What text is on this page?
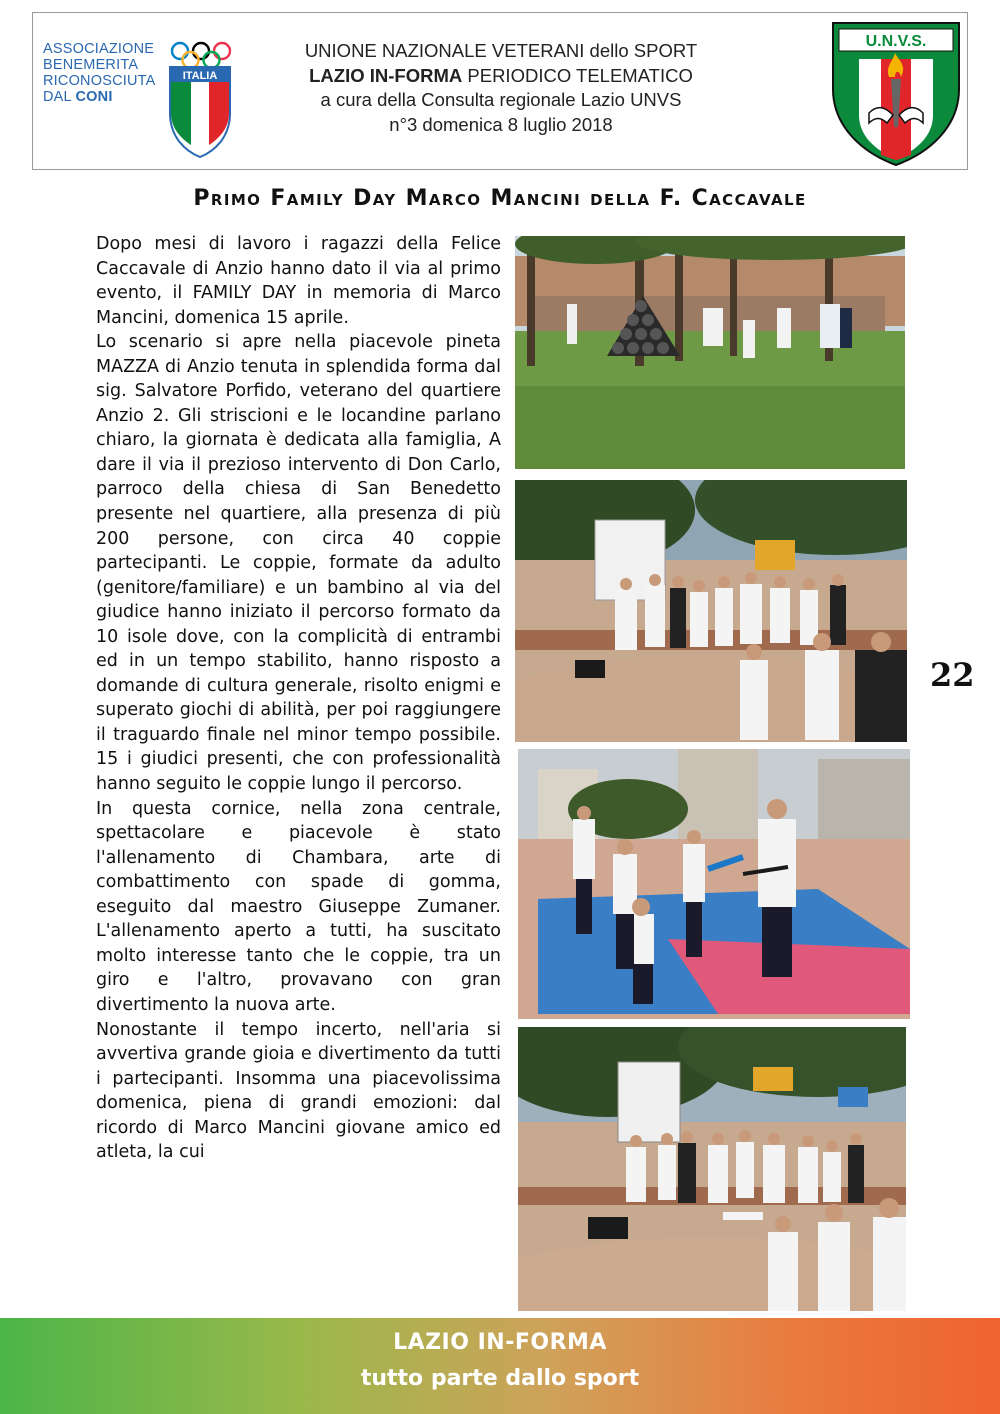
ASSOCIAZIONE
BENEMERITA
RICONOSCIUTA
DAL CONI
ITALIA
UNIONE NAZIONALE VETERANI dello SPORT
LAZIO IN-FORMA PERIODICO TELEMATICO
a cura della Consulta regionale Lazio UNVS
n°3 domenica 8 luglio 2018
U.N.V.S.
Primo Family Day Marco Mancini della F. Caccavale

Dopo mesi di lavoro i ragazzi della Felice Caccavale di Anzio hanno dato il via al primo evento, il FAMILY DAY in memoria di Marco Mancini, domenica 15 aprile.

Lo scenario si apre nella piacevole pineta MAZZA di Anzio tenuta in splendida forma dal sig. Salvatore Porfido, veterano del quartiere Anzio 2. Gli striscioni e le locandine parlano chiaro, la giornata è dedicata alla famiglia, A dare il via il prezioso intervento di Don Carlo, parroco della chiesa di San Benedetto presente nel quartiere, alla presenza di più 200 persone, con circa 40 coppie partecipanti. Le coppie, formate da adulto (genitore/familiare) e un bambino al via del giudice hanno iniziato il percorso formato da 10 isole dove, con la complicità di entrambi ed in un tempo stabilito, hanno risposto a domande di cultura generale, risolto enigmi e superato giochi di abilità, per poi raggiungere il traguardo finale nel minor tempo possibile. 15 i giudici presenti, che con professionalità hanno seguito le coppie lungo il percorso.

In questa cornice, nella zona centrale, spettacolare e piacevole è stato l'allenamento di Chambara, arte di combattimento con spade di gomma, eseguito dal maestro Giuseppe Zumaner. L'allenamento aperto a tutti, ha suscitato molto interesse tanto che le coppie, tra un giro e l'altro, provavano con gran divertimento la nuova arte.

Nonostante il tempo incerto, nell'aria si avvertiva grande gioia e divertimento da tutti i partecipanti. Insomma una piacevolissima domenica, piena di grandi emozioni: dal ricordo di Marco Mancini giovane amico ed atleta, la cui

22
LAZIO IN-FORMA
tutto parte dallo sport
